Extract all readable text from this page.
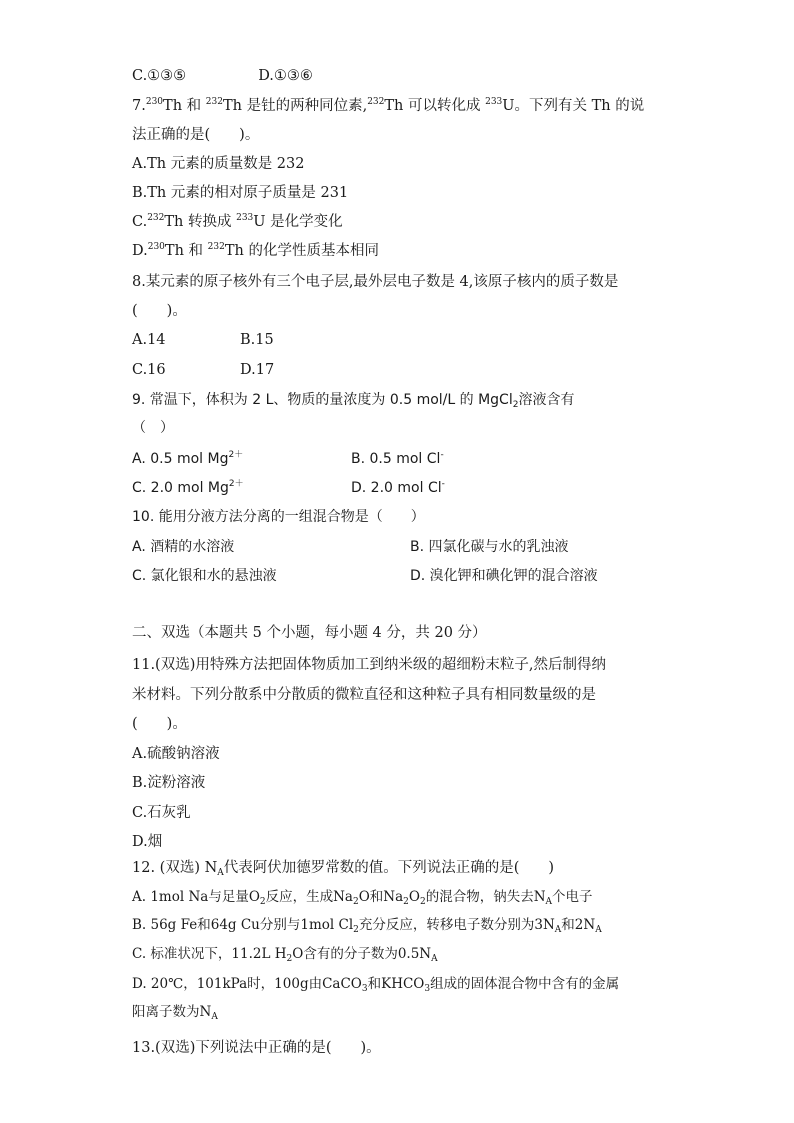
C.①③⑤	D.①③⑥
7.$^{230}$Th 和 $^{232}$Th 是钍的两种同位素,$^{232}$Th 可以转化成 $^{233}$U。下列有关 Th 的说
法正确的是(　　)。
A.Th 元素的质量数是 232
B.Th 元素的相对原子质量是 231
C.$^{232}$Th 转换成 $^{233}$U 是化学变化
D.$^{230}$Th 和 $^{232}$Th 的化学性质基本相同
8.某元素的原子核外有三个电子层,最外层电子数是 4,该原子核内的质子数是
(　　)。
A.14	B.15
C.16	D.17
9. 常温下，体积为 2 L、物质的量浓度为 0.5 mol/L 的 MgCl$_2$溶液含有
（　）
A. 0.5 mol $Mg^{2+}$	B. 0.5 mol Cl-
C. 2.0 mol $Mg^{2+}$	D. 2.0 mol Cl-
10. 能用分液方法分离的一组混合物是（　　）
A. 酒精的水溶液	B. 四氯化碳与水的乳浊液
C. 氯化银和水的悬浊液	D. 溴化钾和碘化钾的混合溶液
二、双选（本题共 5 个小题，每小题 4 分，共 20 分）
11.(双选)用特殊方法把固体物质加工到纳米级的超细粉末粒子,然后制得纳
米材料。下列分散系中分散质的微粒直径和这种粒子具有相同数量级的是
(　　)。
A.硫酸钠溶液
B.淀粉溶液
C.石灰乳
D.烟
12. (双选) $N_A$代表阿伏加德罗常数的值。下列说法正确的是(　　)
A. 1mol Na与足量$O_2$反应，生成$Na_2O$和$Na_2O_2$的混合物，钠失去$N_A$个电子
B. 56g Fe和64g Cu分别与1mol $Cl_2$充分反应，转移电子数分别为$3N_A$和$2N_A$
C. 标准状况下，11.2L $H_2O$含有的分子数为$0.5N_A$
D. 20℃，101kPa时，100g由CaCO$_3$和$KHCO_3$组成的固体混合物中含有的金属
阳离子数为$N_A$
13.(双选)下列说法中正确的是(　　)。
